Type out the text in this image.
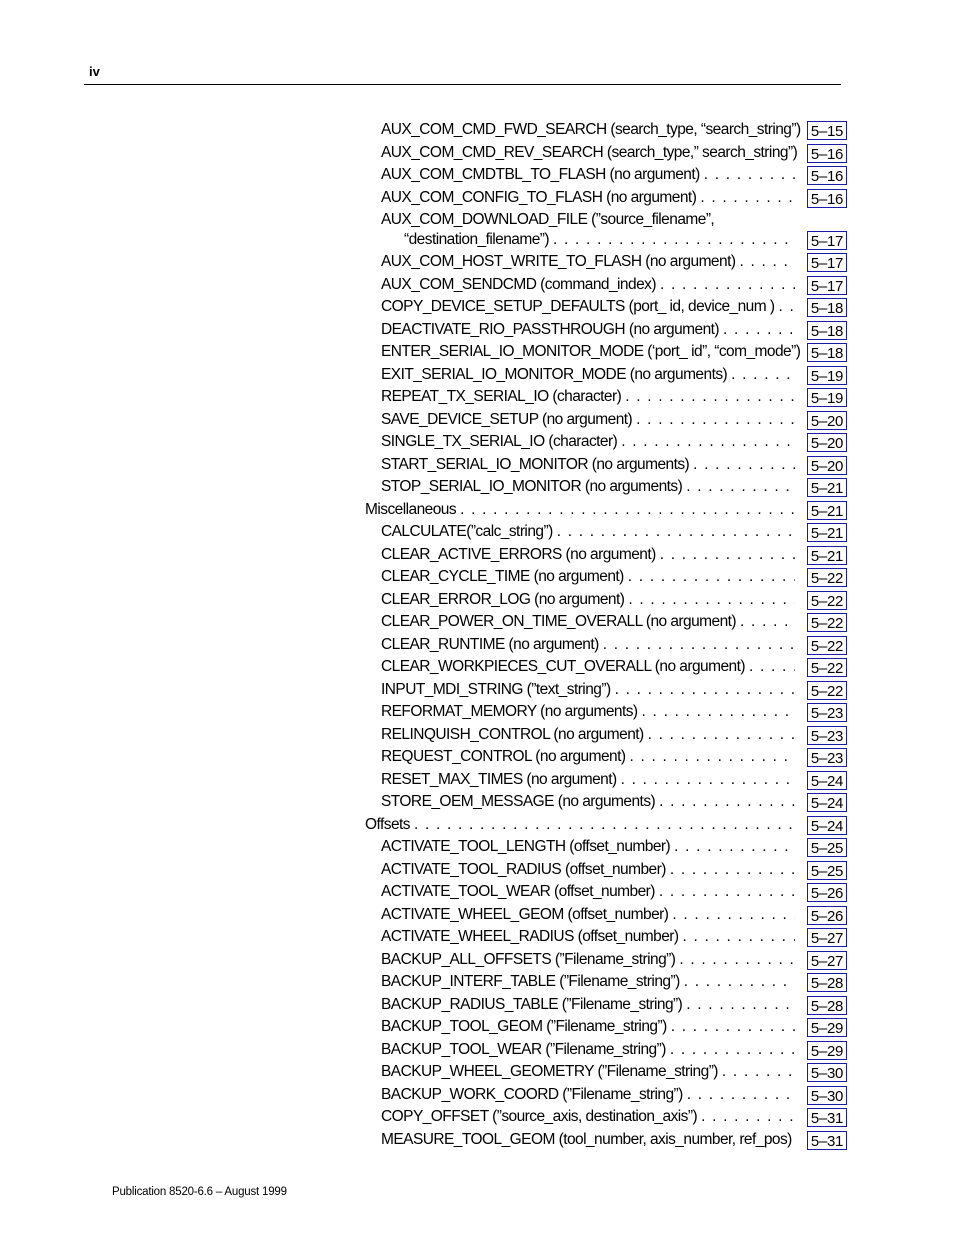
iv
AUX_COM_CMD_FWD_SEARCH (search_type, “search_string”) 5–15
AUX_COM_CMD_REV_SEARCH (search_type,” search_string”) 5–16
AUX_COM_CMDTBL_TO_FLASH (no argument) . . .	5–16
AUX_COM_CONFIG_TO_FLASH (no argument) . . .	5–16
AUX_COM_DOWNLOAD_FILE (”source_filename”,
“destination_filename”) . . .	5–17
AUX_COM_HOST_WRITE_TO_FLASH (no argument) . . .	5–17
AUX_COM_SENDCMD (command_index) . . .	5–17
COPY_DEVICE_SETUP_DEFAULTS (port_ id, device_num ) . . . 5–18
DEACTIVATE_RIO_PASSTHROUGH (no argument) . . .	5–18
ENTER_SERIAL_IO_MONITOR_MODE (‘port_ id”, “com_mode”) 5–18
EXIT_SERIAL_IO_MONITOR_MODE (no arguments) . . .	5–19
REPEAT_TX_SERIAL_IO (character) . . .	5–19
SAVE_DEVICE_SETUP (no argument) . . .	5–20
SINGLE_TX_SERIAL_IO (character) . . .	5–20
START_SERIAL_IO_MONITOR (no arguments) . . .	5–20
STOP_SERIAL_IO_MONITOR (no arguments) . . .	5–21
Miscellaneous . . .	5–21
CALCULATE(”calc_string”) . . .	5–21
CLEAR_ACTIVE_ERRORS (no argument) . . .	5–21
CLEAR_CYCLE_TIME (no argument) . . .	5–22
CLEAR_ERROR_LOG (no argument) . . .	5–22
CLEAR_POWER_ON_TIME_OVERALL (no argument) . . .	5–22
CLEAR_RUNTIME (no argument) . . .	5–22
CLEAR_WORKPIECES_CUT_OVERALL (no argument) . . .	5–22
INPUT_MDI_STRING (”text_string”) . . .	5–22
REFORMAT_MEMORY (no arguments) . . .	5–23
RELINQUISH_CONTROL (no argument) . . .	5–23
REQUEST_CONTROL (no argument) . . .	5–23
RESET_MAX_TIMES (no argument) . . .	5–24
STORE_OEM_MESSAGE (no arguments) . . .	5–24
Offsets . . .	5–24
ACTIVATE_TOOL_LENGTH (offset_number) . . .	5–25
ACTIVATE_TOOL_RADIUS (offset_number) . . .	5–25
ACTIVATE_TOOL_WEAR (offset_number) . . .	5–26
ACTIVATE_WHEEL_GEOM (offset_number) . . .	5–26
ACTIVATE_WHEEL_RADIUS (offset_number) . . .	5–27
BACKUP_ALL_OFFSETS (”Filename_string”) . . .	5–27
BACKUP_INTERF_TABLE (”Filename_string”) . . .	5–28
BACKUP_RADIUS_TABLE (”Filename_string”) . . .	5–28
BACKUP_TOOL_GEOM (”Filename_string”) . . .	5–29
BACKUP_TOOL_WEAR (”Filename_string”) . . .	5–29
BACKUP_WHEEL_GEOMETRY (”Filename_string”) . . .	5–30
BACKUP_WORK_COORD (”Filename_string”) . . .	5–30
COPY_OFFSET (”source_axis, destination_axis”) . . .	5–31
MEASURE_TOOL_GEOM (tool_number, axis_number, ref_pos) . . . 5–31
Publication 8520-6.6 – August 1999
